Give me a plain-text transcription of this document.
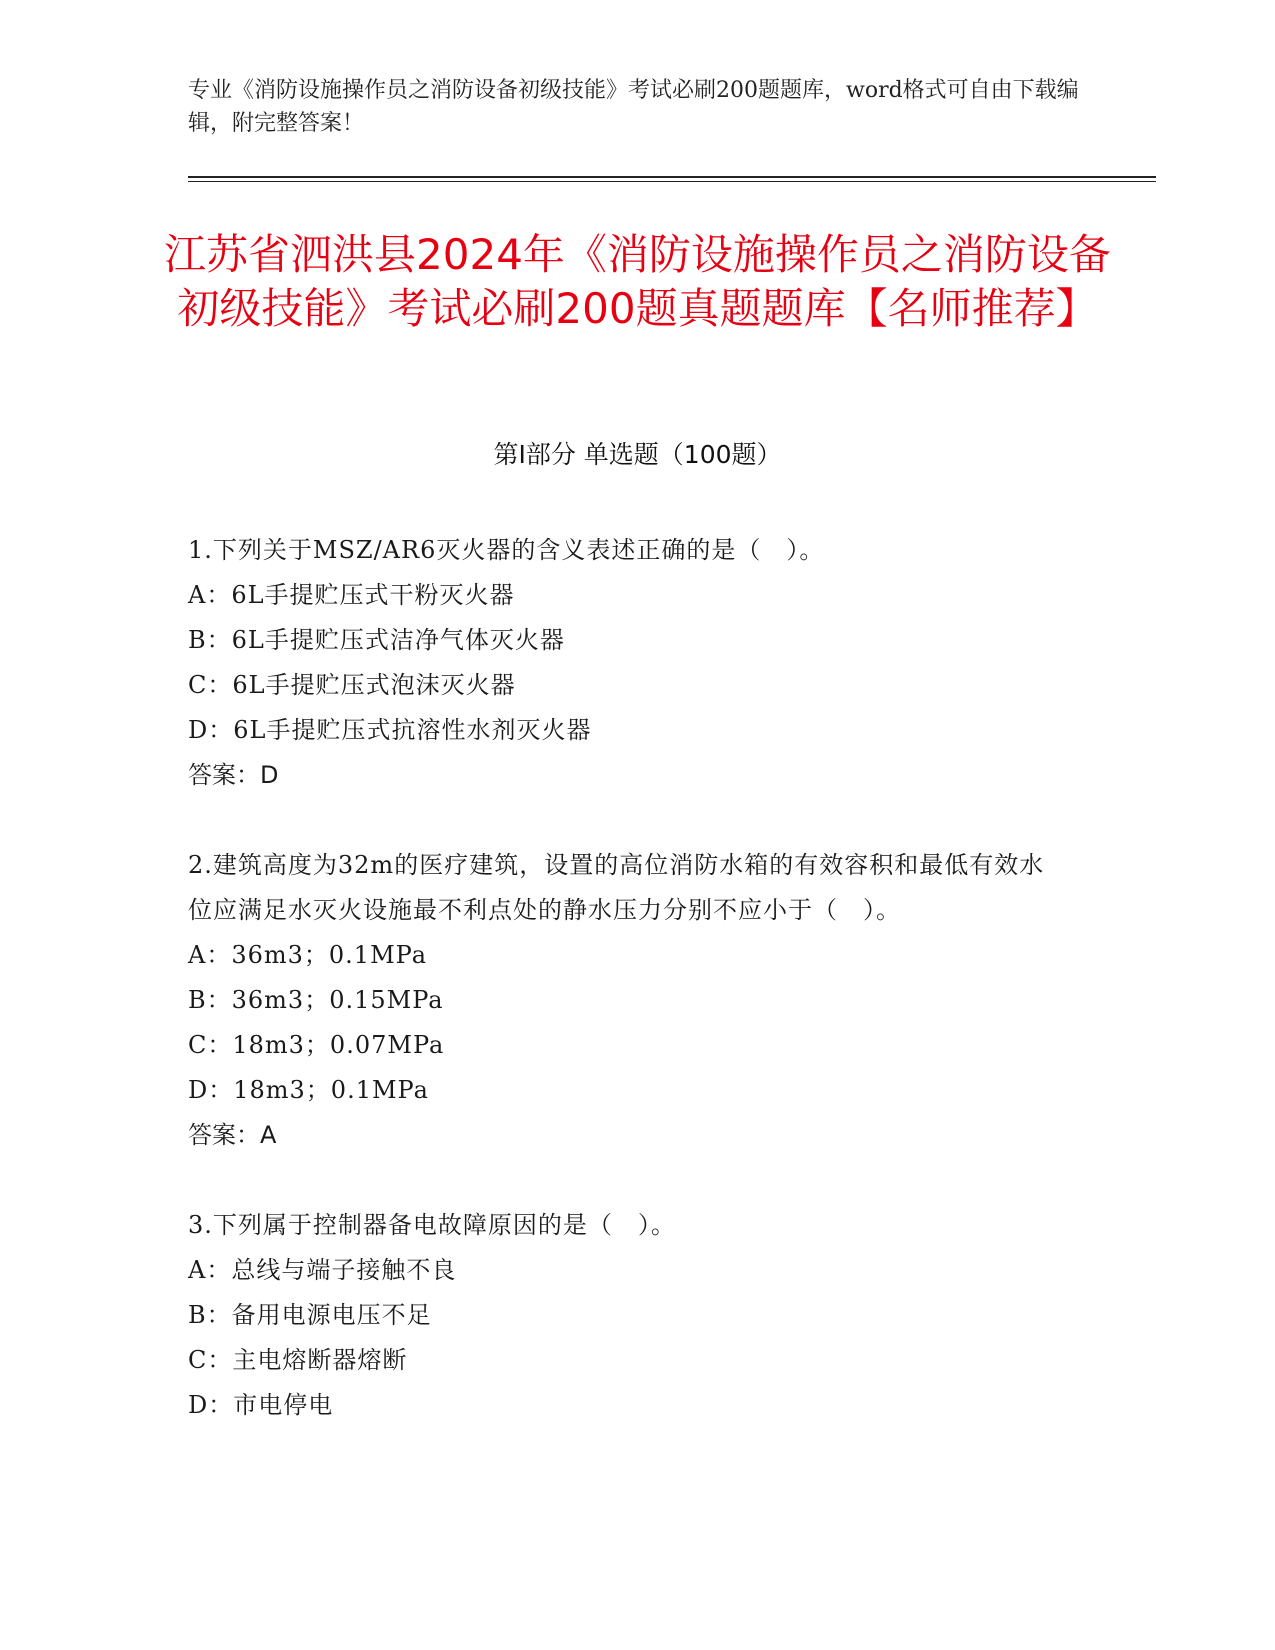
专业《消防设施操作员之消防设备初级技能》考试必刷200题题库，word格式可自由下载编辑，附完整答案！
江苏省泗洪县2024年《消防设施操作员之消防设备初级技能》考试必刷200题真题题库【名师推荐】
第Ⅰ部分 单选题（100题）
1.下列关于MSZ/AR6灭火器的含义表述正确的是（　）。
A：6L手提贮压式干粉灭火器
B：6L手提贮压式洁净气体灭火器
C：6L手提贮压式泡沫灭火器
D：6L手提贮压式抗溶性水剂灭火器
答案：D
2.建筑高度为32m的医疗建筑，设置的高位消防水箱的有效容积和最低有效水位应满足水灭火设施最不利点处的静水压力分别不应小于（　）。
A：36m3；0.1MPa
B：36m3；0.15MPa
C：18m3；0.07MPa
D：18m3；0.1MPa
答案：A
3.下列属于控制器备电故障原因的是（　）。
A：总线与端子接触不良
B：备用电源电压不足
C：主电熔断器熔断
D：市电停电
